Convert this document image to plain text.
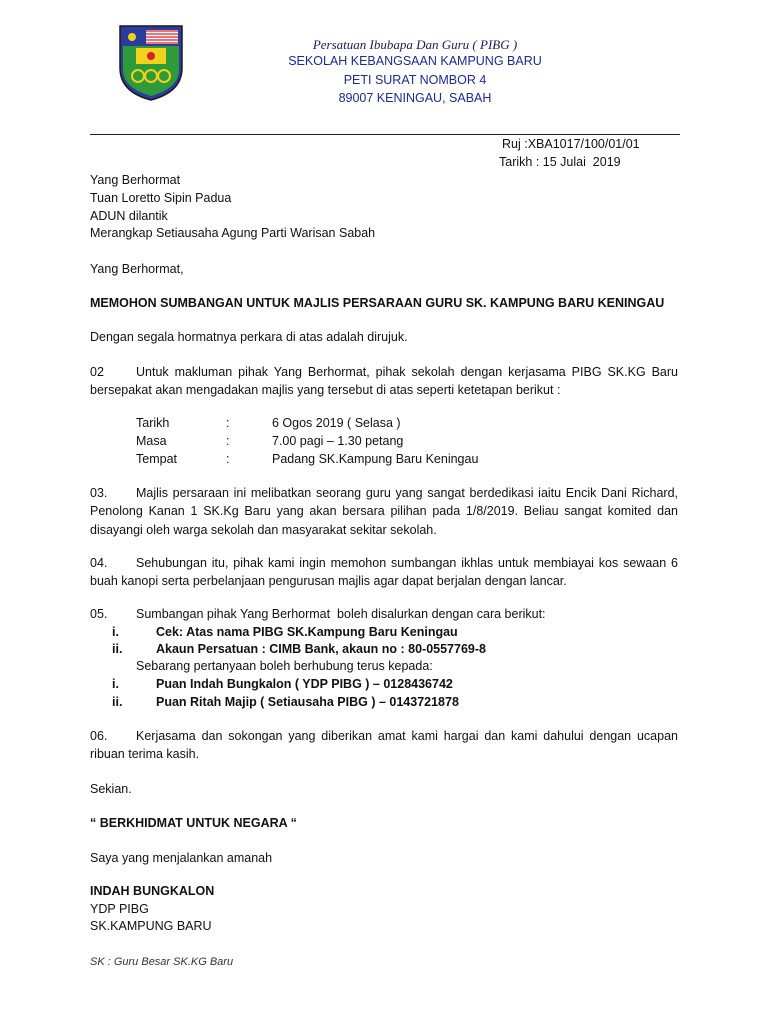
Persatuan Ibubapa Dan Guru ( PIBG )
SEKOLAH KEBANGSAAN KAMPUNG BARU
PETI SURAT NOMBOR 4
89007 KENINGAU, SABAH
Ruj :XBA1017/100/01/01
Tarikh : 15 Julai  2019
Yang Berhormat
Tuan Loretto Sipin Padua
ADUN dilantik
Merangkap Setiausaha Agung Parti Warisan Sabah
Yang Berhormat,
MEMOHON SUMBANGAN UNTUK MAJLIS PERSARAAN GURU SK. KAMPUNG BARU KENINGAU
Dengan segala hormatnya perkara di atas adalah dirujuk.
02	Untuk makluman pihak Yang Berhormat, pihak sekolah dengan kerjasama PIBG SK.KG Baru bersepakat akan mengadakan majlis yang tersebut di atas seperti ketetapan berikut :
Tarikh	:	6 Ogos 2019 ( Selasa )
Masa	:	7.00 pagi – 1.30 petang
Tempat	:	Padang SK.Kampung Baru Keningau
03. Majlis persaraan ini melibatkan seorang guru yang sangat berdedikasi iaitu Encik Dani Richard, Penolong Kanan 1 SK.Kg Baru yang akan bersara pilihan pada 1/8/2019. Beliau sangat komited dan disayangi oleh warga sekolah dan masyarakat sekitar sekolah.
04. Sehubungan itu, pihak kami ingin memohon sumbangan ikhlas untuk membiayai kos sewaan 6 buah kanopi serta perbelanjaan pengurusan majlis agar dapat berjalan dengan lancar.
05. Sumbangan pihak Yang Berhormat  boleh disalurkan dengan cara berikut:
i.	Cek: Atas nama PIBG SK.Kampung Baru Keningau
ii.	Akaun Persatuan : CIMB Bank, akaun no : 80-0557769-8
Sebarang pertanyaan boleh berhubung terus kepada:
i.	Puan Indah Bungkalon ( YDP PIBG ) – 0128436742
ii.	Puan Ritah Majip ( Setiausaha PIBG ) – 0143721878
06. Kerjasama dan sokongan yang diberikan amat kami hargai dan kami dahului dengan ucapan ribuan terima kasih.
Sekian.
“ BERKHIDMAT UNTUK NEGARA “
Saya yang menjalankan amanah
INDAH BUNGKALON
YDP PIBG
SK.KAMPUNG BARU
SK : Guru Besar SK.KG Baru
